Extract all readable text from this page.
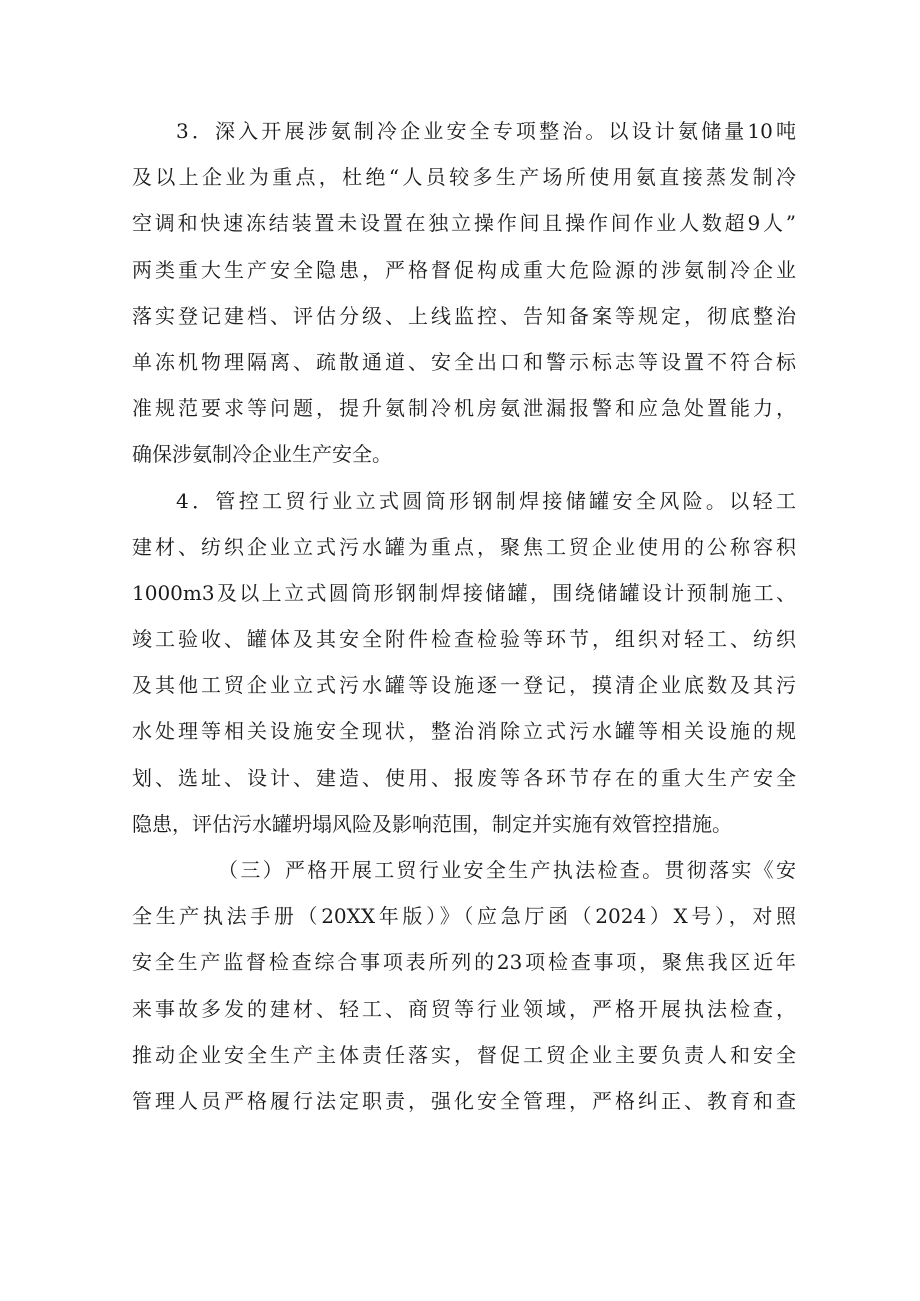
3．深入开展涉氨制冷企业安全专项整治。以设计氨储量10吨
及以上企业为重点，杜绝“人员较多生产场所使用氨直接蒸发制冷
空调和快速冻结装置未设置在独立操作间且操作间作业人数超9人”
两类重大生产安全隐患，严格督促构成重大危险源的涉氨制冷企业
落实登记建档、评估分级、上线监控、告知备案等规定，彻底整治
单冻机物理隔离、疏散通道、安全出口和警示标志等设置不符合标
准规范要求等问题，提升氨制冷机房氨泄漏报警和应急处置能力，
确保涉氨制冷企业生产安全。
4．管控工贸行业立式圆筒形钢制焊接储罐安全风险。以轻工
建材、纺织企业立式污水罐为重点，聚焦工贸企业使用的公称容积
1000m3及以上立式圆筒形钢制焊接储罐，围绕储罐设计预制施工、
竣工验收、罐体及其安全附件检查检验等环节，组织对轻工、纺织
及其他工贸企业立式污水罐等设施逐一登记，摸清企业底数及其污
水处理等相关设施安全现状，整治消除立式污水罐等相关设施的规
划、选址、设计、建造、使用、报废等各环节存在的重大生产安全
隐患，评估污水罐坍塌风险及影响范围，制定并实施有效管控措施。
（三）严格开展工贸行业安全生产执法检查。贯彻落实《安
全生产执法手册（20XX年版）》（应急厅函（2024）X号），对照
安全生产监督检查综合事项表所列的23项检查事项，聚焦我区近年
来事故多发的建材、轻工、商贸等行业领域，严格开展执法检查，
推动企业安全生产主体责任落实，督促工贸企业主要负责人和安全
管理人员严格履行法定职责，强化安全管理，严格纠正、教育和查
